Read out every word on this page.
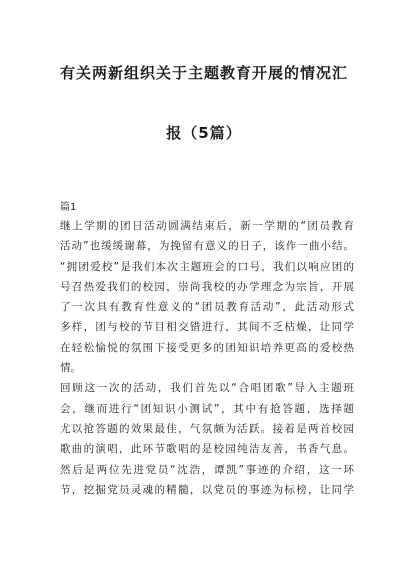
有关两新组织关于主题教育开展的情况汇
报（5篇）
篇1
继上学期的团日活动圆满结束后，新一学期的“团员教育
活动”也缓缓谢幕，为挽留有意义的日子，该作一曲小结。
“拥团爱校”是我们本次主题班会的口号，我们以响应团的
号召热爱我们的校园，崇尚我校的办学理念为宗旨，开展
了一次具有教育性意义的“团员教育活动”，此活动形式
多样，团与校的节目相交错进行，其间不乏枯燥，让同学
在轻松愉悦的氛围下接受更多的团知识培养更高的爱校热
情。
回顾这一次的活动，我们首先以“合唱团歌”导入主题班
会，继而进行“团知识小测试”，其中有抢答题，选择题
尤以抢答题的效果最佳，气氛颇为活跃。接着是两首校园
歌曲的演唱，此环节歌唱的是校园纯洁友善，书香气息。
然后是两位先进党员“沈浩，谭凯”事迹的介绍，这一环
节，挖掘党员灵魂的精髓，以党员的事迹为标榜，让同学
